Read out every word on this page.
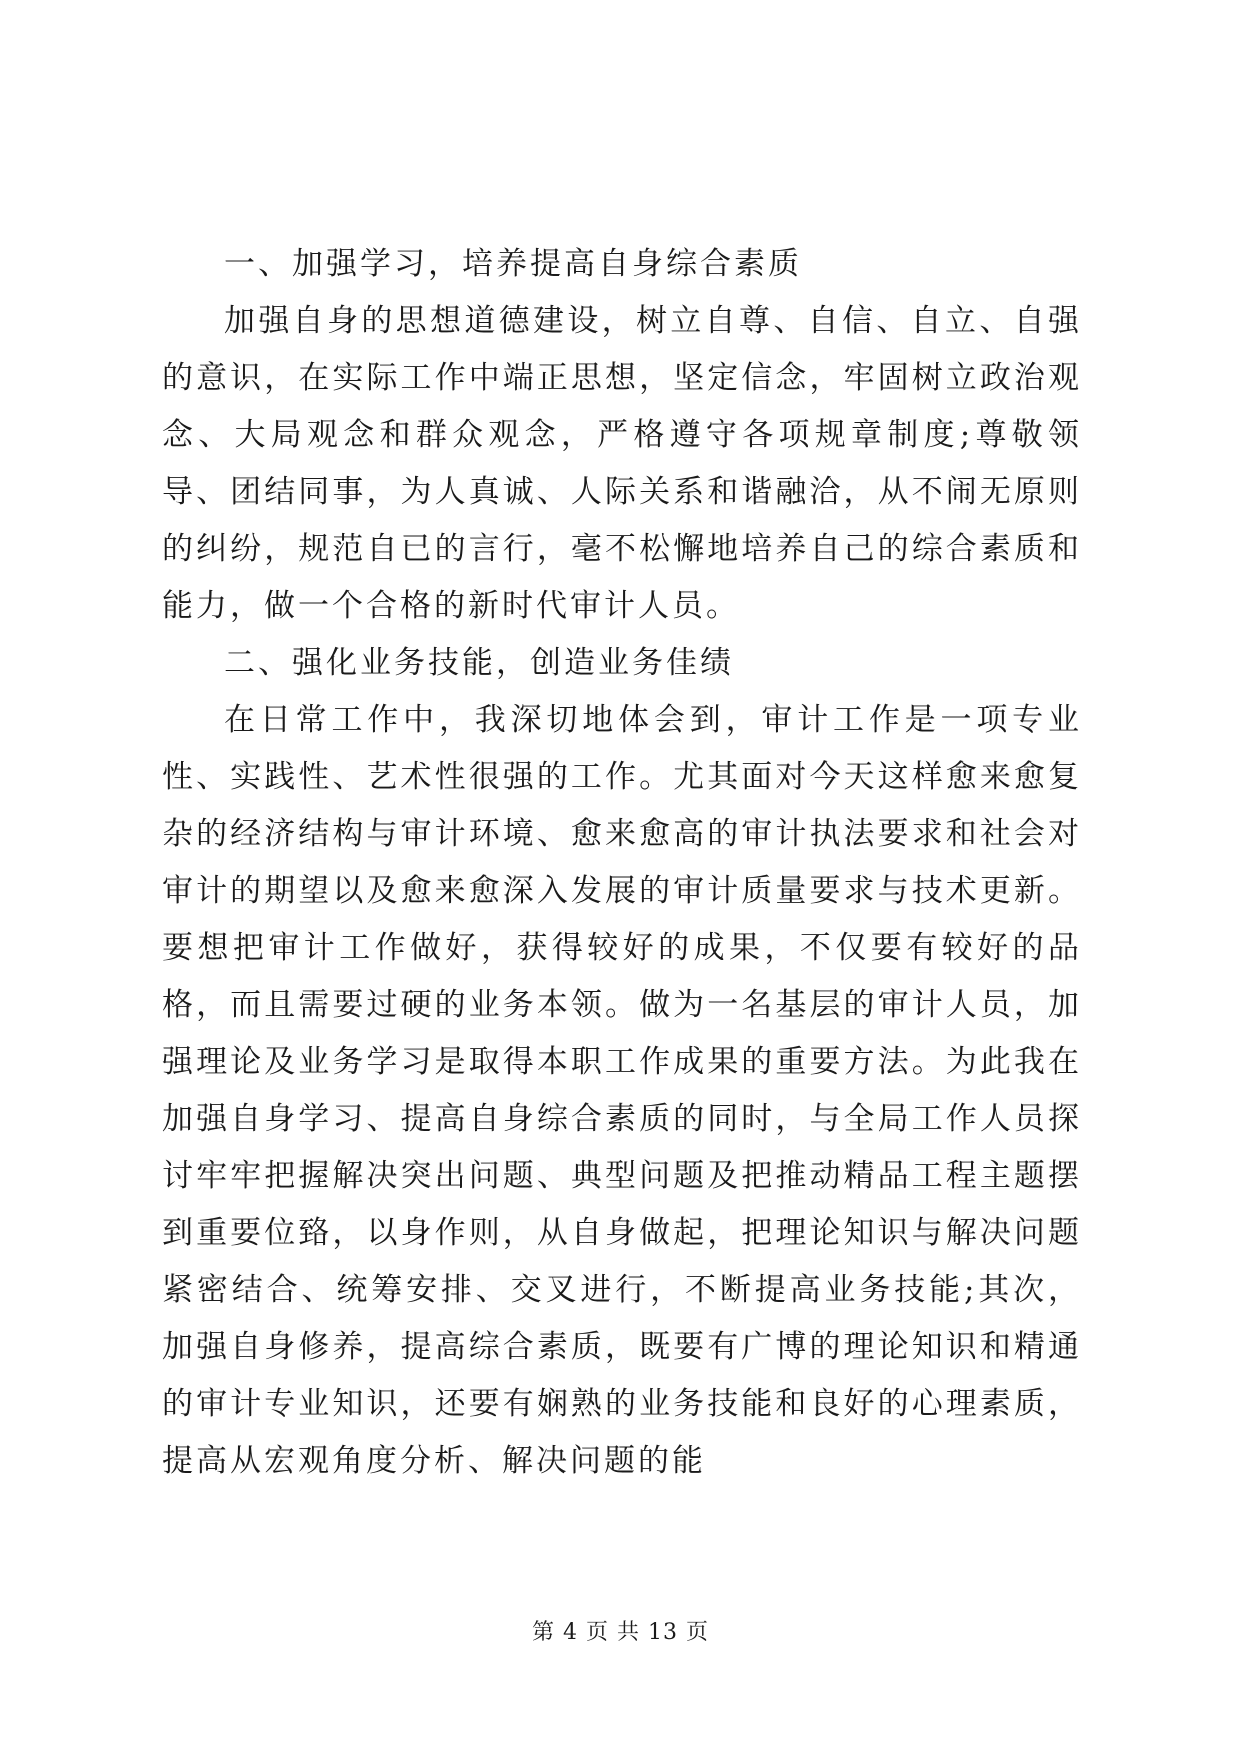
一、加强学习，培养提高自身综合素质

加强自身的思想道德建设，树立自尊、自信、自立、自强的意识，在实际工作中端正思想，坚定信念，牢固树立政治观念、大局观念和群众观念，严格遵守各项规章制度;尊敬领导、团结同事，为人真诚、人际关系和谐融洽，从不闹无原则的纠纷，规范自已的言行，毫不松懈地培养自己的综合素质和能力，做一个合格的新时代审计人员。

二、强化业务技能，创造业务佳绩

在日常工作中，我深切地体会到，审计工作是一项专业性、实践性、艺术性很强的工作。尤其面对今天这样愈来愈复杂的经济结构与审计环境、愈来愈高的审计执法要求和社会对审计的期望以及愈来愈深入发展的审计质量要求与技术更新。要想把审计工作做好，获得较好的成果，不仅要有较好的品格，而且需要过硬的业务本领。做为一名基层的审计人员，加强理论及业务学习是取得本职工作成果的重要方法。为此我在加强自身学习、提高自身综合素质的同时，与全局工作人员探讨牢牢把握解决突出问题、典型问题及把推动精品工程主题摆到重要位臵，以身作则，从自身做起，把理论知识与解决问题紧密结合、统筹安排、交叉进行，不断提高业务技能;其次，加强自身修养，提高综合素质，既要有广博的理论知识和精通的审计专业知识，还要有娴熟的业务技能和良好的心理素质，提高从宏观角度分析、解决问题的能

第 4 页 共 13 页
